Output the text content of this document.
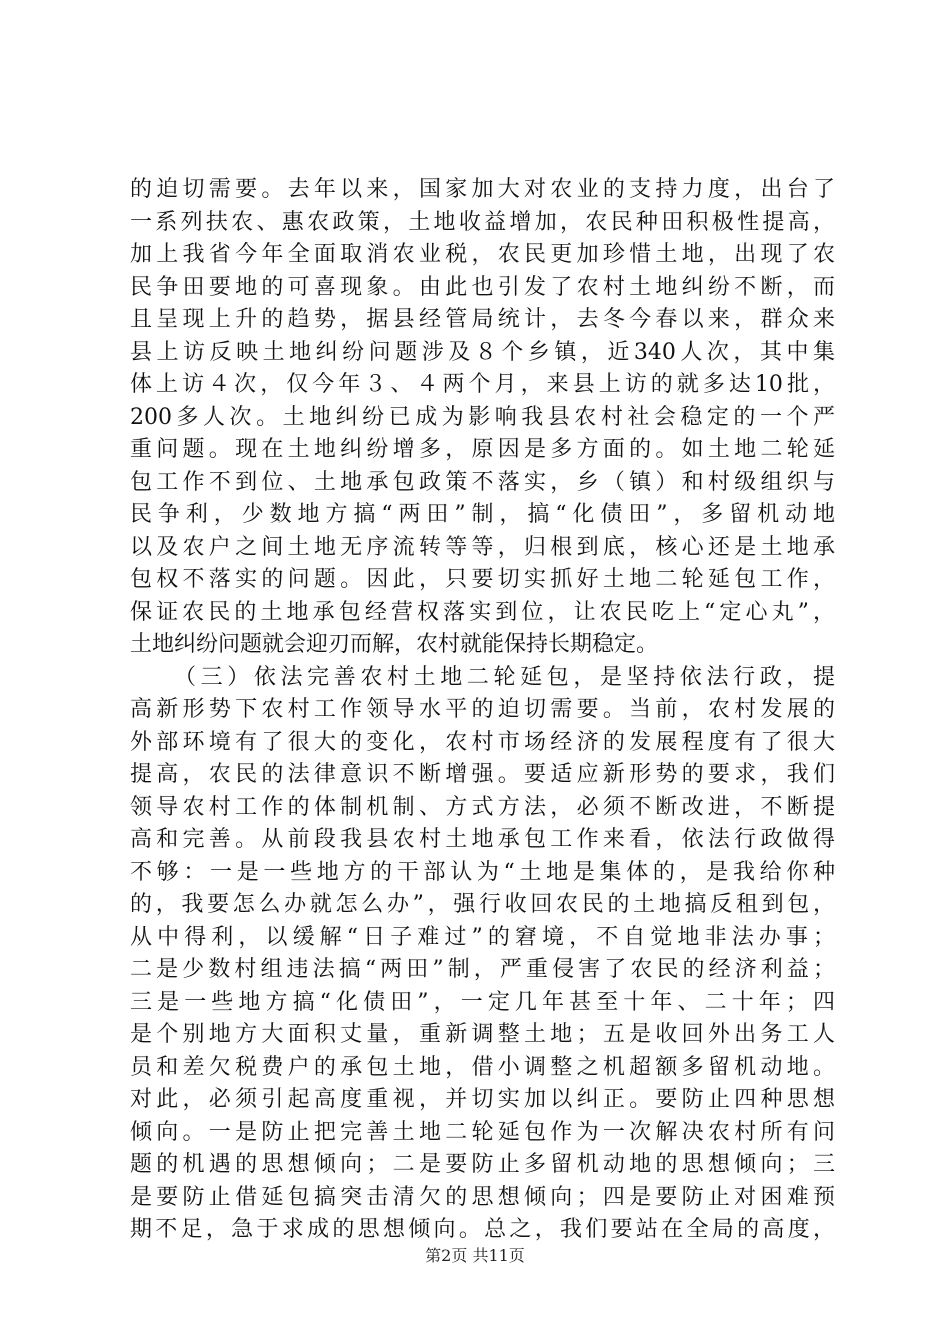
的迫切需要。去年以来，国家加大对农业的支持力度，出台了
一系列扶农、惠农政策，土地收益增加，农民种田积极性提高，
加上我省今年全面取消农业税，农民更加珍惜土地，出现了农
民争田要地的可喜现象。由此也引发了农村土地纠纷不断，而
且呈现上升的趋势，据县经管局统计，去冬今春以来，群众来
县上访反映土地纠纷问题涉及８个乡镇，近340人次，其中集
体上访４次，仅今年３、４两个月，来县上访的就多达10批，
200多人次。土地纠纷已成为影响我县农村社会稳定的一个严
重问题。现在土地纠纷增多，原因是多方面的。如土地二轮延
包工作不到位、土地承包政策不落实，乡（镇）和村级组织与
民争利，少数地方搞“两田”制，搞“化债田”，多留机动地
以及农户之间土地无序流转等等，归根到底，核心还是土地承
包权不落实的问题。因此，只要切实抓好土地二轮延包工作，
保证农民的土地承包经营权落实到位，让农民吃上“定心丸”，
土地纠纷问题就会迎刃而解，农村就能保持长期稳定。
（三）依法完善农村土地二轮延包，是坚持依法行政，提
高新形势下农村工作领导水平的迫切需要。当前，农村发展的
外部环境有了很大的变化，农村市场经济的发展程度有了很大
提高，农民的法律意识不断增强。要适应新形势的要求，我们
领导农村工作的体制机制、方式方法，必须不断改进，不断提
高和完善。从前段我县农村土地承包工作来看，依法行政做得
不够：一是一些地方的干部认为“土地是集体的，是我给你种
的，我要怎么办就怎么办”，强行收回农民的土地搞反租到包，
从中得利，以缓解“日子难过”的窘境，不自觉地非法办事；
二是少数村组违法搞“两田”制，严重侵害了农民的经济利益；
三是一些地方搞“化债田”，一定几年甚至十年、二十年；四
是个别地方大面积丈量，重新调整土地；五是收回外出务工人
员和差欠税费户的承包土地，借小调整之机超额多留机动地。
对此，必须引起高度重视，并切实加以纠正。要防止四种思想
倾向。一是防止把完善土地二轮延包作为一次解决农村所有问
题的机遇的思想倾向；二是要防止多留机动地的思想倾向；三
是要防止借延包搞突击清欠的思想倾向；四是要防止对困难预
期不足，急于求成的思想倾向。总之，我们要站在全局的高度，
第2页 共11页
